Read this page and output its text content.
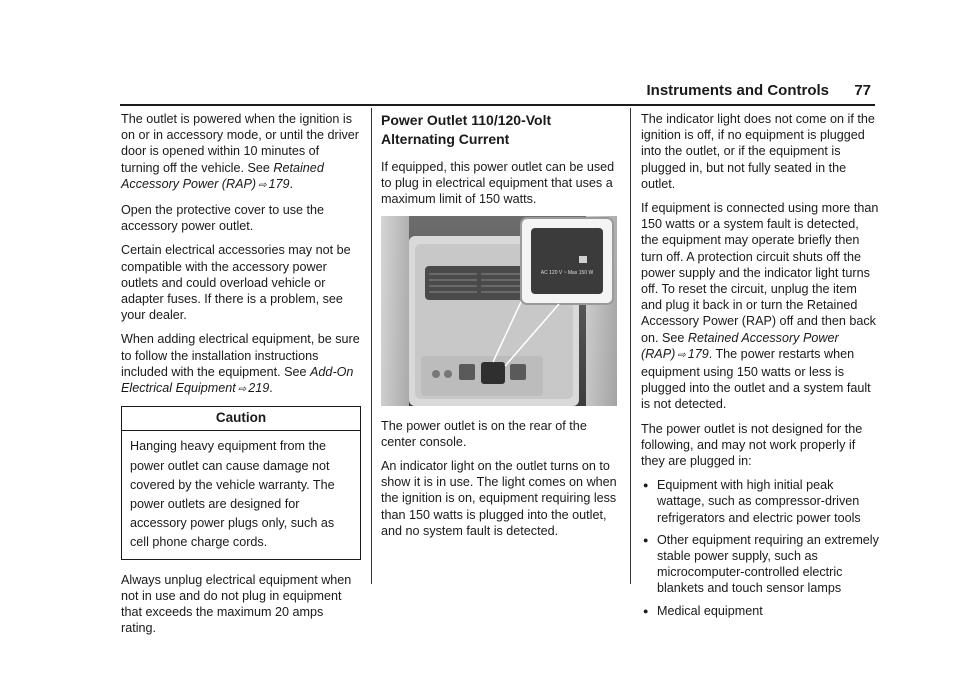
Instruments and Controls 77

The outlet is powered when the ignition is on or in accessory mode, or until the driver door is opened within 10 minutes of turning off the vehicle. See Retained Accessory Power (RAP) ⇨ 179.

Open the protective cover to use the accessory power outlet.

Certain electrical accessories may not be compatible with the accessory power outlets and could overload vehicle or adapter fuses. If there is a problem, see your dealer.

When adding electrical equipment, be sure to follow the installation instructions included with the equipment. See Add-On Electrical Equipment ⇨ 219.

Caution
Hanging heavy equipment from the power outlet can cause damage not covered by the vehicle warranty. The power outlets are designed for accessory power plugs only, such as cell phone charge cords.

Always unplug electrical equipment when not in use and do not plug in equipment that exceeds the maximum 20 amps rating.

Power Outlet 110/120-Volt Alternating Current

If equipped, this power outlet can be used to plug in electrical equipment that uses a maximum limit of 150 watts.

AC 120 V ~ Max 150 W

The power outlet is on the rear of the center console.

An indicator light on the outlet turns on to show it is in use. The light comes on when the ignition is on, equipment requiring less than 150 watts is plugged into the outlet, and no system fault is detected.

The indicator light does not come on if the ignition is off, if no equipment is plugged into the outlet, or if the equipment is plugged in, but not fully seated in the outlet.

If equipment is connected using more than 150 watts or a system fault is detected, the equipment may operate briefly then turn off. A protection circuit shuts off the power supply and the indicator light turns off. To reset the circuit, unplug the item and plug it back in or turn the Retained Accessory Power (RAP) off and then back on. See Retained Accessory Power (RAP) ⇨ 179. The power restarts when equipment using 150 watts or less is plugged into the outlet and a system fault is not detected.

The power outlet is not designed for the following, and may not work properly if they are plugged in:

● Equipment with high initial peak wattage, such as compressor-driven refrigerators and electric power tools
● Other equipment requiring an extremely stable power supply, such as microcomputer-controlled electric blankets and touch sensor lamps
● Medical equipment
